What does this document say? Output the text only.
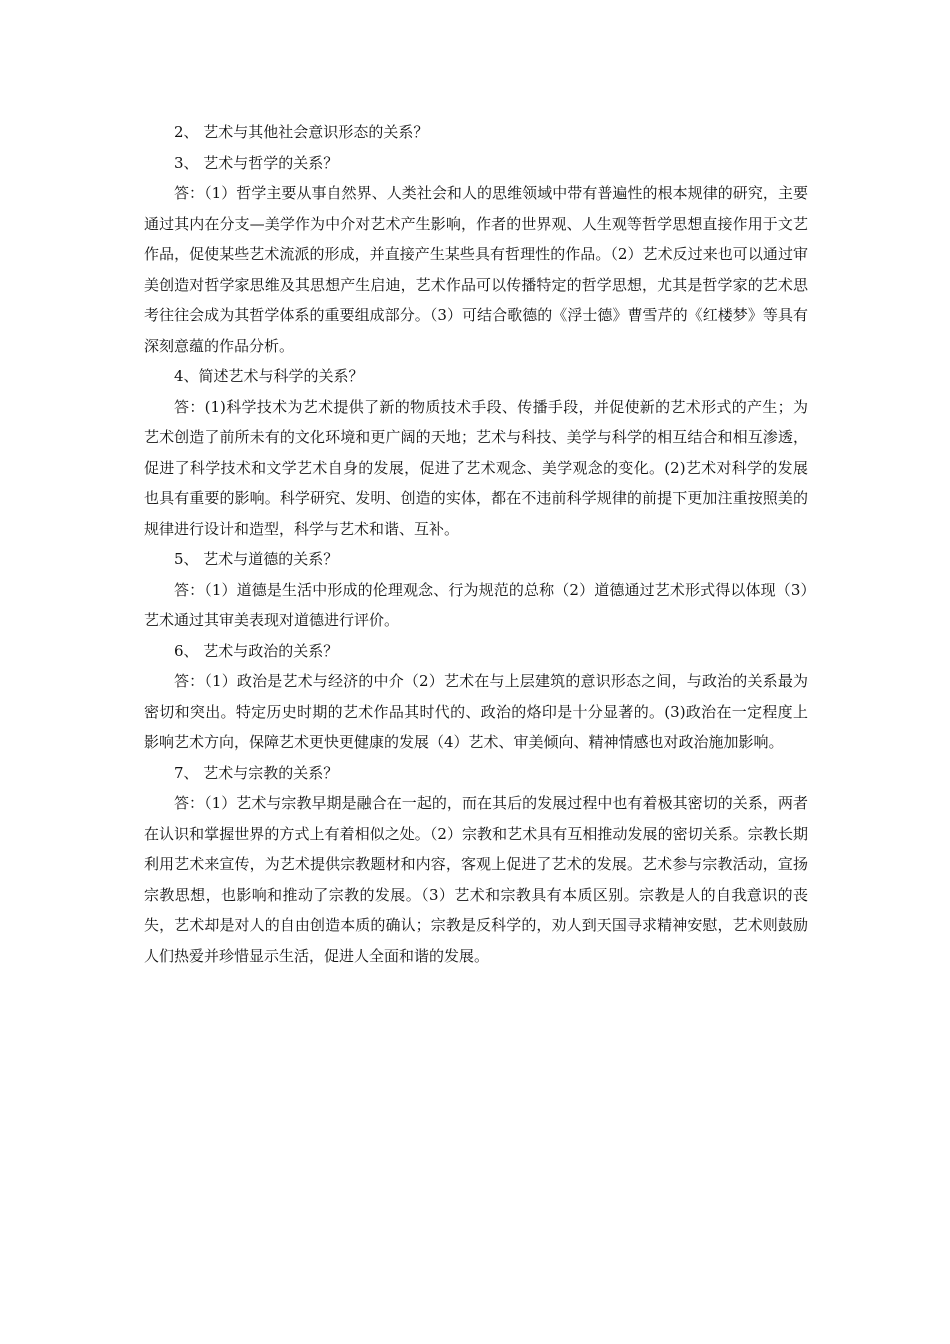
2、 艺术与其他社会意识形态的关系？

3、 艺术与哲学的关系？

答：（1）哲学主要从事自然界、人类社会和人的思维领域中带有普遍性的根本规律的研究，主要通过其内在分支—美学作为中介对艺术产生影响，作者的世界观、人生观等哲学思想直接作用于文艺作品，促使某些艺术流派的形成，并直接产生某些具有哲理性的作品。（2）艺术反过来也可以通过审美创造对哲学家思维及其思想产生启迪，艺术作品可以传播特定的哲学思想，尤其是哲学家的艺术思考往往会成为其哲学体系的重要组成部分。（3）可结合歌德的《浮士德》曹雪芹的《红楼梦》等具有深刻意蕴的作品分析。

4、简述艺术与科学的关系？

答：(1)科学技术为艺术提供了新的物质技术手段、传播手段，并促使新的艺术形式的产生；为艺术创造了前所未有的文化环境和更广阔的天地；艺术与科技、美学与科学的相互结合和相互渗透，促进了科学技术和文学艺术自身的发展，促进了艺术观念、美学观念的变化。(2)艺术对科学的发展也具有重要的影响。科学研究、发明、创造的实体，都在不违前科学规律的前提下更加注重按照美的规律进行设计和造型，科学与艺术和谐、互补。

5、 艺术与道德的关系？

答：（1）道德是生活中形成的伦理观念、行为规范的总称（2）道德通过艺术形式得以体现（3）艺术通过其审美表现对道德进行评价。

6、 艺术与政治的关系？

答：（1）政治是艺术与经济的中介（2）艺术在与上层建筑的意识形态之间，与政治的关系最为密切和突出。特定历史时期的艺术作品其时代的、政治的烙印是十分显著的。(3)政治在一定程度上影响艺术方向，保障艺术更快更健康的发展（4）艺术、审美倾向、精神情感也对政治施加影响。

7、 艺术与宗教的关系？

答：（1）艺术与宗教早期是融合在一起的，而在其后的发展过程中也有着极其密切的关系，两者在认识和掌握世界的方式上有着相似之处。（2）宗教和艺术具有互相推动发展的密切关系。宗教长期利用艺术来宣传，为艺术提供宗教题材和内容，客观上促进了艺术的发展。艺术参与宗教活动，宣扬宗教思想，也影响和推动了宗教的发展。（3）艺术和宗教具有本质区别。宗教是人的自我意识的丧失，艺术却是对人的自由创造本质的确认；宗教是反科学的，劝人到天国寻求精神安慰，艺术则鼓励人们热爱并珍惜显示生活，促进人全面和谐的发展。
